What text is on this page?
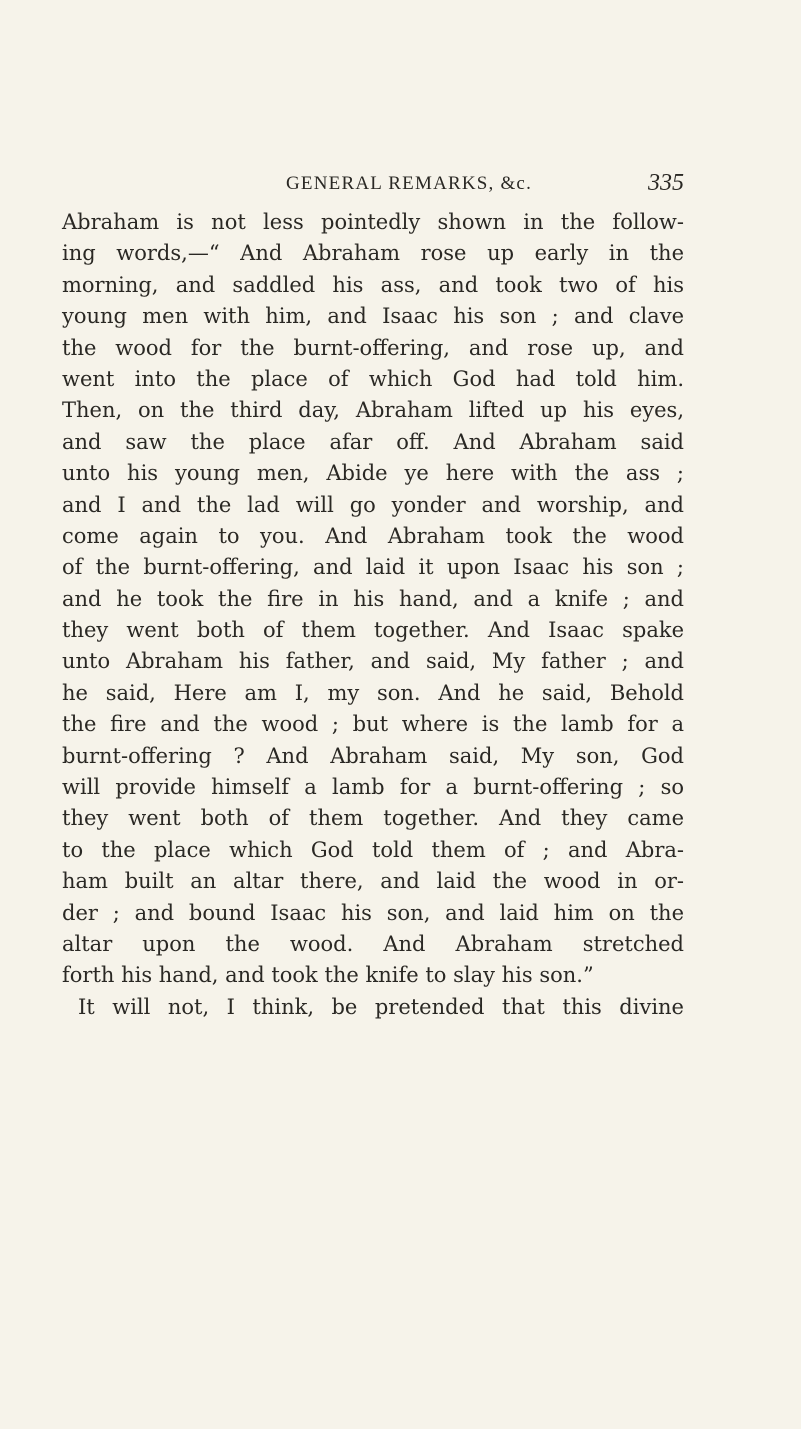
GENERAL REMARKS, &c.	335
Abraham is not less pointedly shown in the follow-
ing words,—“ And Abraham rose up early in the
morning, and saddled his ass, and took two of his
young men with him, and Isaac his son ; and clave
the wood for the burnt-offering, and rose up, and
went into the place of which God had told him.
Then, on the third day, Abraham lifted up his eyes,
and saw the place afar off. And Abraham said
unto his young men, Abide ye here with the ass ;
and I and the lad will go yonder and worship, and
come again to you. And Abraham took the wood
of the burnt-offering, and laid it upon Isaac his son ;
and he took the fire in his hand, and a knife ; and
they went both of them together. And Isaac spake
unto Abraham his father, and said, My father ; and
he said, Here am I, my son. And he said, Behold
the fire and the wood ; but where is the lamb for a
burnt-offering ? And Abraham said, My son, God
will provide himself a lamb for a burnt-offering ; so
they went both of them together. And they came
to the place which God told them of ; and Abra-
ham built an altar there, and laid the wood in or-
der ; and bound Isaac his son, and laid him on the
altar upon the wood. And Abraham stretched
forth his hand, and took the knife to slay his son.”
It will not, I think, be pretended that this divine
